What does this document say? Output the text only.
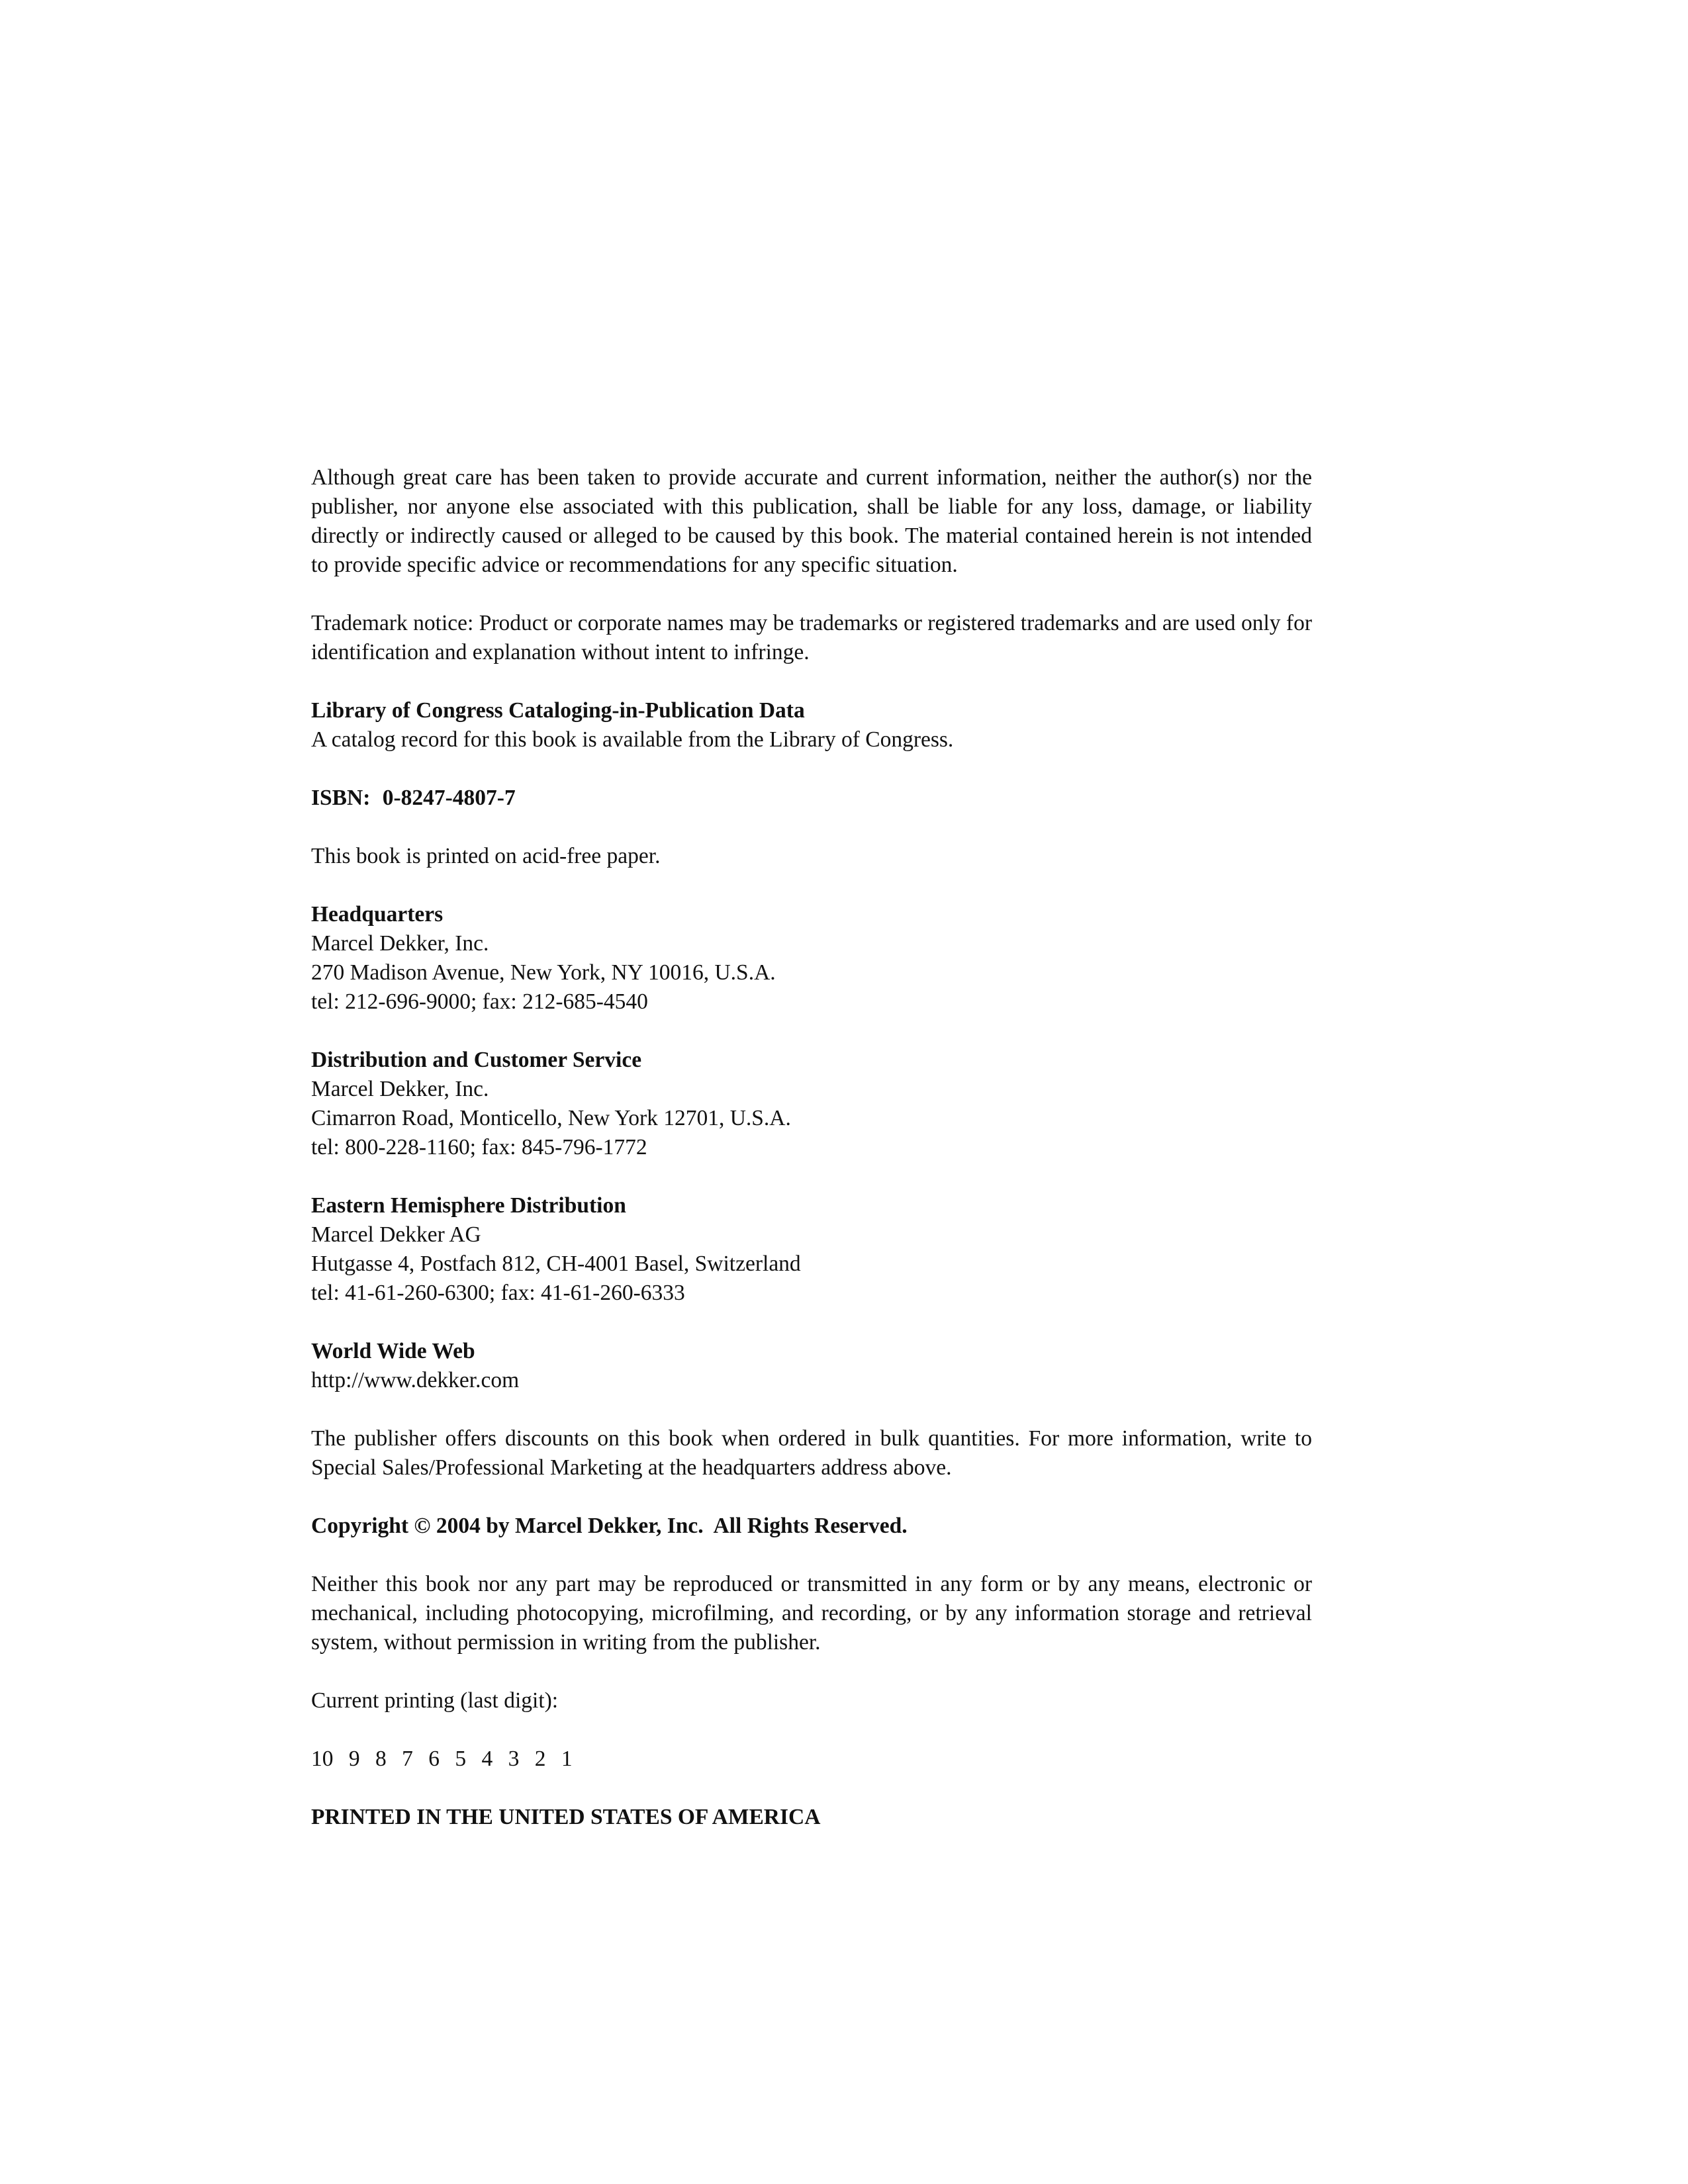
Although great care has been taken to provide accurate and current information, neither the author(s) nor the publisher, nor anyone else associated with this publication, shall be liable for any loss, damage, or liability directly or indirectly caused or alleged to be caused by this book. The material contained herein is not intended to provide specific advice or recommendations for any specific situation.

Trademark notice: Product or corporate names may be trademarks or registered trademarks and are used only for identification and explanation without intent to infringe.

Library of Congress Cataloging-in-Publication Data
A catalog record for this book is available from the Library of Congress.
ISBN: 0-8247-4807-7

This book is printed on acid-free paper.

Headquarters
Marcel Dekker, Inc.
270 Madison Avenue, New York, NY 10016, U.S.A.
tel: 212-696-9000; fax: 212-685-4540
Distribution and Customer Service
Marcel Dekker, Inc.
Cimarron Road, Monticello, New York 12701, U.S.A.
tel: 800-228-1160; fax: 845-796-1772
Eastern Hemisphere Distribution
Marcel Dekker AG
Hutgasse 4, Postfach 812, CH-4001 Basel, Switzerland
tel: 41-61-260-6300; fax: 41-61-260-6333
World Wide Web
http://www.dekker.com

The publisher offers discounts on this book when ordered in bulk quantities. For more information, write to Special Sales/Professional Marketing at the headquarters address above.

Copyright © 2004 by Marcel Dekker, Inc.  All Rights Reserved.

Neither this book nor any part may be reproduced or transmitted in any form or by any means, electronic or mechanical, including photocopying, microfilming, and recording, or by any information storage and retrieval system, without permission in writing from the publisher.

Current printing (last digit):

10 9 8 7 6 5 4 3 2 1

PRINTED IN THE UNITED STATES OF AMERICA
